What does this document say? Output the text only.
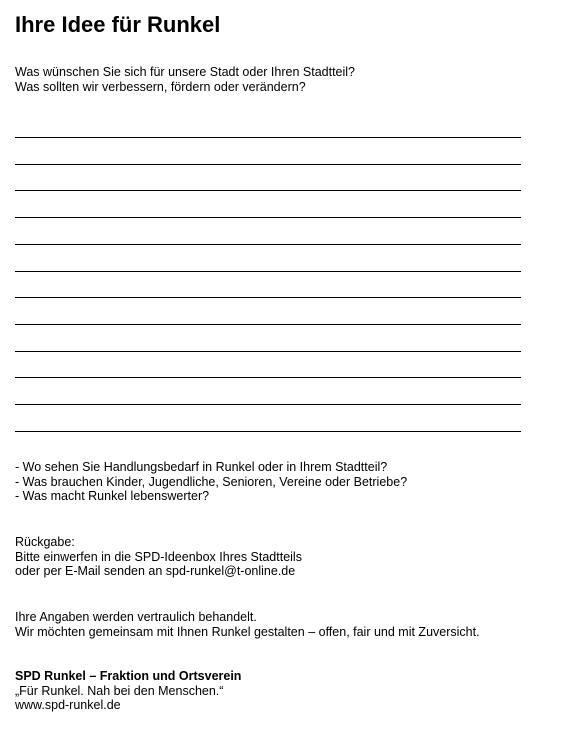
Ihre Idee für Runkel
Was wünschen Sie sich für unsere Stadt oder Ihren Stadtteil?
Was sollten wir verbessern, fördern oder verändern?
- Wo sehen Sie Handlungsbedarf in Runkel oder in Ihrem Stadtteil?
- Was brauchen Kinder, Jugendliche, Senioren, Vereine oder Betriebe?
- Was macht Runkel lebenswerter?
Rückgabe:
Bitte einwerfen in die SPD-Ideenbox Ihres Stadtteils
oder per E-Mail senden an spd-runkel@t-online.de
Ihre Angaben werden vertraulich behandelt.
Wir möchten gemeinsam mit Ihnen Runkel gestalten – offen, fair und mit Zuversicht.
SPD Runkel – Fraktion und Ortsverein
„Für Runkel. Nah bei den Menschen.“
www.spd-runkel.de
